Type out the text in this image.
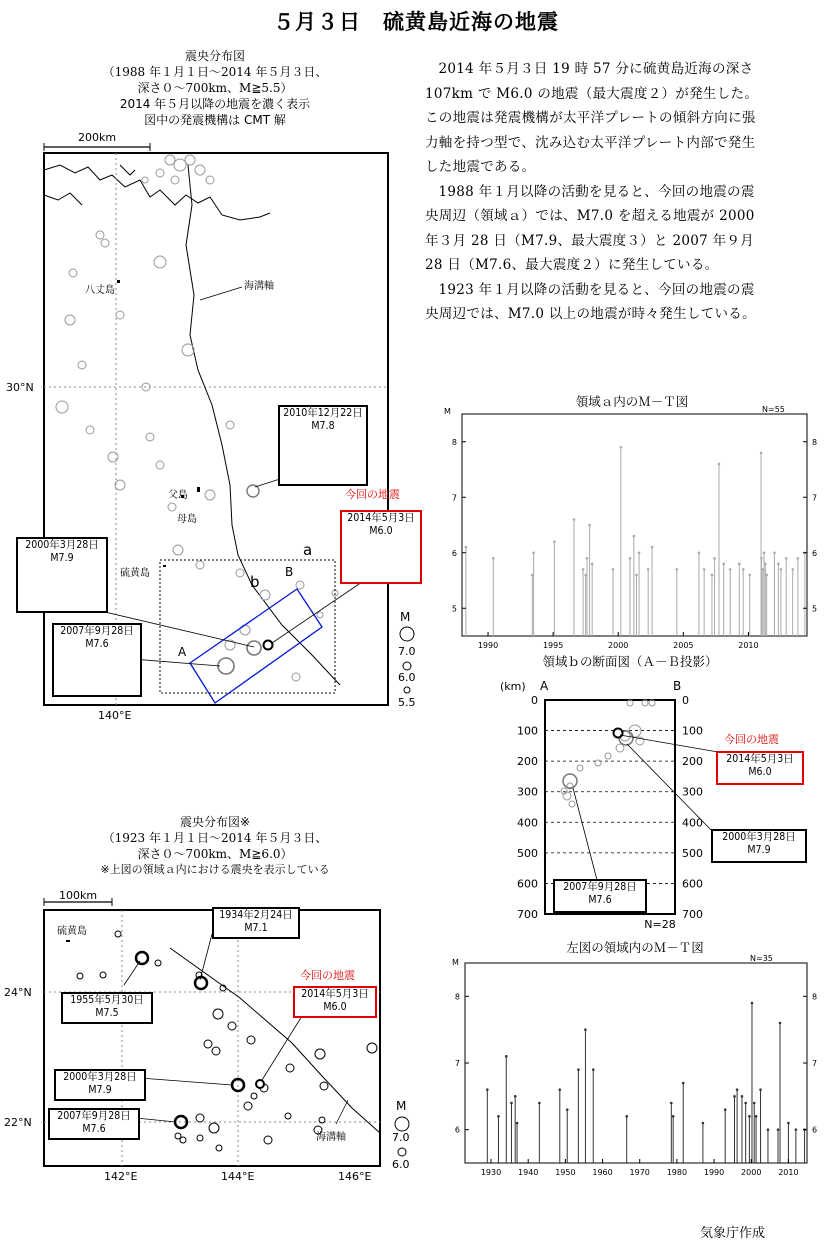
５月３日　硫黄島近海の地震
震央分布図
（1988 年１月１日～2014 年５月３日、
深さ０～700km、M≧5.5）
2014 年５月以降の地震を濃く表示
図中の発震機構は CMT 解
200km
海溝軸
八丈島
父島
母島
硫黄島
a
b
B
A
30°N
140°E
M
7.0
6.0
5.5
2010年12月22日
M7.8
今回の地震
2014年5月3日
M6.0
2000年3月28日
M7.9
2007年9月28日
M7.6

2014 年５月３日 19 時 57 分に硫黄島近海の深さ 107km で M6.0 の地震（最大震度２）が発生した。この地震は発震機構が太平洋プレートの傾斜方向に張力軸を持つ型で、沈み込む太平洋プレート内部で発生した地震である。

1988 年１月以降の活動を見ると、今回の地震の震央周辺（領域ａ）では、M7.0 を超える地震が 2000 年３月 28 日（M7.9、最大震度３）と 2007 年９月 28 日（M7.6、最大震度２）に発生している。

1923 年１月以降の活動を見ると、今回の地震の震央周辺では、M7.0 以上の地震が時々発生している。

領域ａ内のＭ－Ｔ図
M	N=55
1990	1995	2000	2005	2010
5	5
6	6
7	7
8	8
領域ｂの断面図（Ａ－Ｂ投影）
(km) A	B
0	0
100	100
200	200
300	300
400	400
500	500
600	600
700	700
N=28
今回の地震
2014年5月3日
M6.0
2000年3月28日
M7.9
2007年9月28日
M7.6
震央分布図※
（1923 年１月１日～2014 年５月３日、
深さ０～700km、M≧6.0）
※上図の領域ａ内における震央を表示している
100km
海溝軸
硫黄島
24°N
22°N
142°E	144°E	146°E
M
7.0
6.0
1934年2月24日
M7.1
今回の地震
2014年5月3日
M6.0
1955年5月30日
M7.5
2000年3月28日
M7.9
2007年9月28日
M7.6
左図の領域内のＭ－Ｔ図
M	N=35
1930 1940 1950 1960 1970 1980 1990 2000 2010
6	6
7	7
8	8
気象庁作成
